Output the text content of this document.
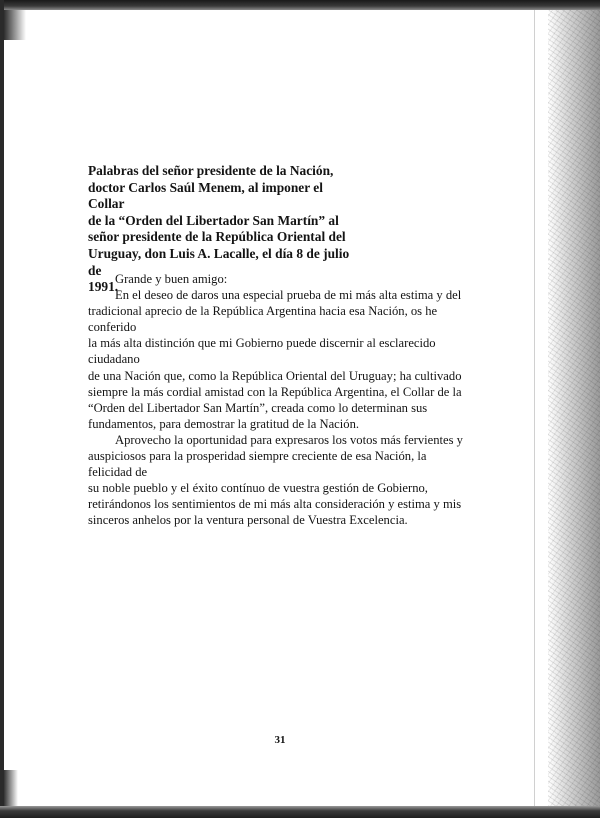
Palabras del señor presidente de la Nación,
doctor Carlos Saúl Menem, al imponer el Collar
de la “Orden del Libertador San Martín” al
señor presidente de la República Oriental del
Uruguay, don Luis A. Lacalle, el día 8 de julio de
1991.

Grande y buen amigo:

En el deseo de daros una especial prueba de mi más alta estima y del
tradicional aprecio de la República Argentina hacia esa Nación, os he conferido
la más alta distinción que mi Gobierno puede discernir al esclarecido ciudadano
de una Nación que, como la República Oriental del Uruguay; ha cultivado
siempre la más cordial amistad con la República Argentina, el Collar de la
“Orden del Libertador San Martín”, creada como lo determinan sus
fundamentos, para demostrar la gratitud de la Nación.

Aprovecho la oportunidad para expresaros los votos más fervientes y
auspiciosos para la prosperidad siempre creciente de esa Nación, la felicidad de
su noble pueblo y el éxito contínuo de vuestra gestión de Gobierno,
retirándonos los sentimientos de mi más alta consideración y estima y mis
sinceros anhelos por la ventura personal de Vuestra Excelencia.

31
